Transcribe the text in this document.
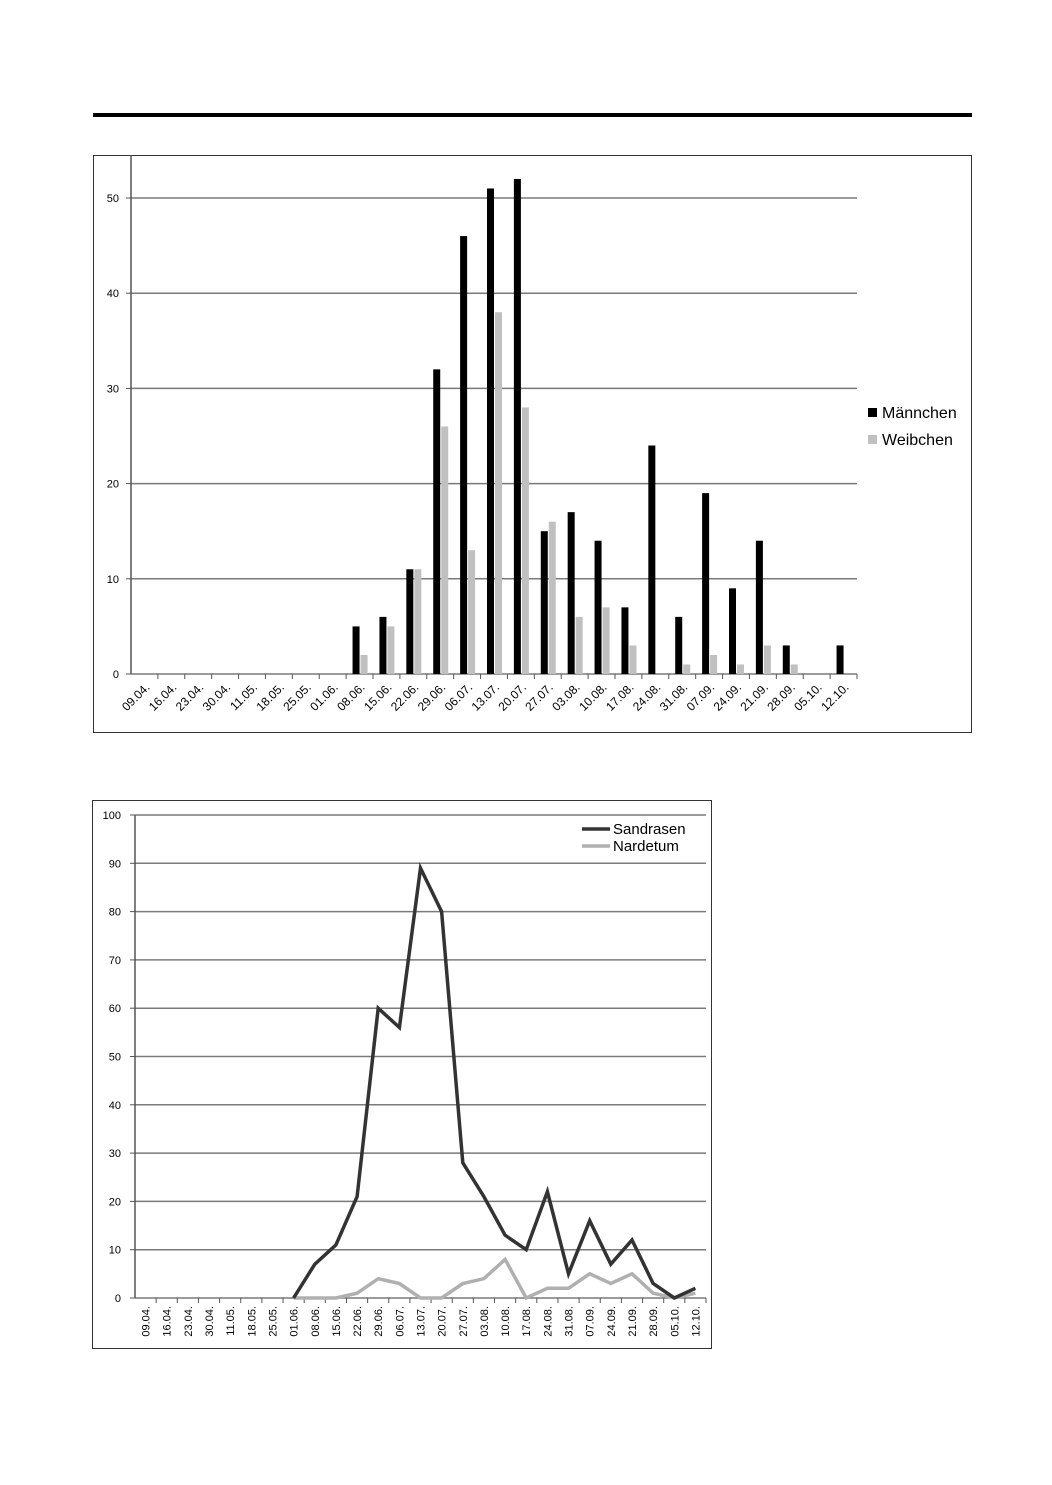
0
10
20
30
40
50
09.04.
16.04.
23.04.
30.04.
11.05.
18.05.
25.05.
01.06.
08.06.
15.06.
22.06.
29.06.
06.07.
13.07.
20.07.
27.07.
03.08.
10.08.
17.08.
24.08.
31.08.
07.09.
24.09.
21.09.
28.09.
05.10.
12.10.
Männchen
Weibchen
0
10
20
30
40
50
60
70
80
90
100
09.04. 16.04. 23.04. 30.04. 11.05. 18.05. 25.05. 01.06. 08.06. 15.06. 22.06. 29.06. 06.07. 13.07. 20.07. 27.07. 03.08. 10.08. 17.08. 24.08. 31.08. 07.09. 24.09. 21.09. 28.09. 05.10. 12.10.
Sandrasen
Nardetum
